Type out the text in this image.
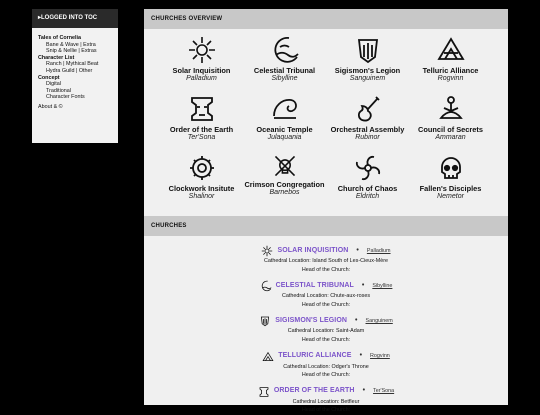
▸LOGGED INTO TOC
Tales of Cornelia
Bane & Wave | Extra
Snip & Nellie | Extras
Character List
Ranch | Mythical Beat
Hydra Guild | Other
Concept
Digital
Traditional
Character Fonts
About & ©
CHURCHES OVERVIEW
Solar Inquisition
Palladium
Celestial Tribunal
Sibylline
Sigismon's Legion
Sanguinem
Telluric Alliance
Rogvinn
Order of the Earth
Ter'Sona
Oceanic Temple
Julaquania
Orchestral Assembly
Rubinor
Council of Secrets
Ammaran
Clockwork Insitute
Shalinor
Crimson Congregation
Barnebos	Church of Chaos
Eldritch
Fallen's Disciples
Nemetor
CHURCHES
SOLAR INQUISITION	•	Palladium
Cathedral Location: Island South of Les-Cieux-Mère
Head of the Church:
CELESTIAL TRIBUNAL	•	Sibylline
Cathedral Location: Chute-aux-roses
Head of the Church:
SIGISMON'S LEGION	•	Sanguinem
Cathedral Location: Saint-Adam
Head of the Church:
TELLURIC ALLIANCE	•	Rogvinn
Cathedral Location: Odger's Throne
Head of the Church:
ORDER OF THE EARTH	•	Ter'Sona
Cathedral Location: Betfleur
Head of the Church:
